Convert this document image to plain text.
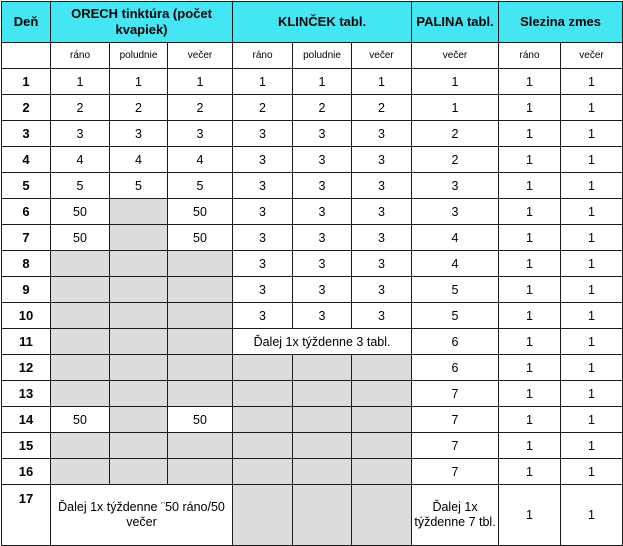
Deň	ORECH tinktúra (počet kvapiek)			KLINČEK tabl.			PALINA tabl.	Slezina zmes	
	ráno	poludnie	večer	ráno	poludnie	večer	večer	ráno	večer
1	1	1	1	1	1	1	1	1	1
2	2	2	2	2	2	2	1	1	1
3	3	3	3	3	3	3	2	1	1
4	4	4	4	3	3	3	2	1	1
5	5	5	5	3	3	3	3	1	1
6	50		50	3	3	3	3	1	1
7	50		50	3	3	3	4	1	1
8				3	3	3	4	1	1
9				3	3	3	5	1	1
10				3	3	3	5	1	1
11				Ďalej 1x týždenne 3 tabl.			6	1	1
12							6	1	1
13							7	1	1
14	50		50				7	1	1
15							7	1	1
16							7	1	1
17	Ďalej 1x týždenne ¨50 ráno/50 večer						Ďalej 1x týždenne 7 tbl.	1	1
